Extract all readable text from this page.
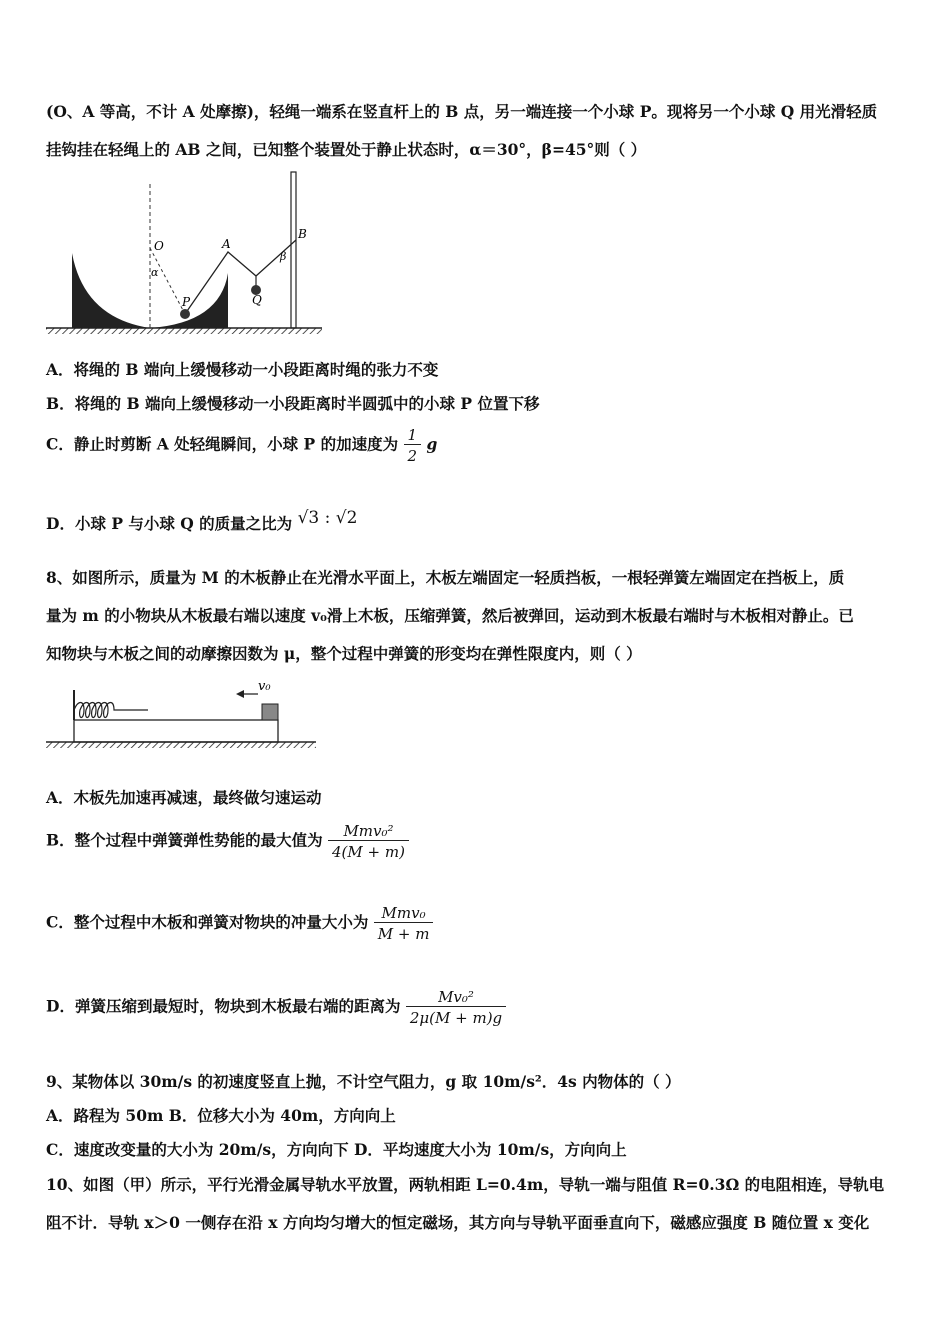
(O、A 等高，不计 A 处摩擦)，轻绳一端系在竖直杆上的 B 点，另一端连接一个小球 P。现将另一个小球 Q 用光滑轻质
挂钩挂在轻绳上的 AB 之间，已知整个装置处于静止状态时，α＝30°，β=45°则（ ）
O	A
B
P	Q
α
β
A．将绳的 B 端向上缓慢移动一小段距离时绳的张力不变
B．将绳的 B 端向上缓慢移动一小段距离时半圆弧中的小球 P 位置下移
C．静止时剪断 A 处轻绳瞬间，小球 P 的加速度为 $\frac{1}{2}$ g
D．小球 P 与小球 Q 的质量之比为 √3 : √2
8、如图所示，质量为 M 的木板静止在光滑水平面上，木板左端固定一轻质挡板，一根轻弹簧左端固定在挡板上，质
量为 m 的小物块从木板最右端以速度 v₀滑上木板，压缩弹簧，然后被弹回，运动到木板最右端时与木板相对静止。已
知物块与木板之间的动摩擦因数为 μ，整个过程中弹簧的形变均在弹性限度内，则（ ）
v₀
A．木板先加速再减速，最终做匀速运动
B．整个过程中弹簧弹性势能的最大值为 $\frac{\text{Mmv₀²}}{4(M + m)}$
C．整个过程中木板和弹簧对物块的冲量大小为 $\frac{\text{Mmv₀}}{M + m}$
D．弹簧压缩到最短时，物块到木板最右端的距离为 $\frac{\text{Mv₀²}}{2\mu(M + m)g}$
9、某物体以 30m/s 的初速度竖直上抛，不计空气阻力，g 取 10m/s²．4s 内物体的（ ）
A．路程为 50m B．位移大小为 40m，方向向上
C．速度改变量的大小为 20m/s，方向向下 D．平均速度大小为 10m/s，方向向上
10、如图（甲）所示，平行光滑金属导轨水平放置，两轨相距 L=0.4m，导轨一端与阻值 R=0.3Ω 的电阻相连，导轨电
阻不计．导轨 x＞0 一侧存在沿 x 方向均匀增大的恒定磁场，其方向与导轨平面垂直向下，磁感应强度 B 随位置 x 变化
